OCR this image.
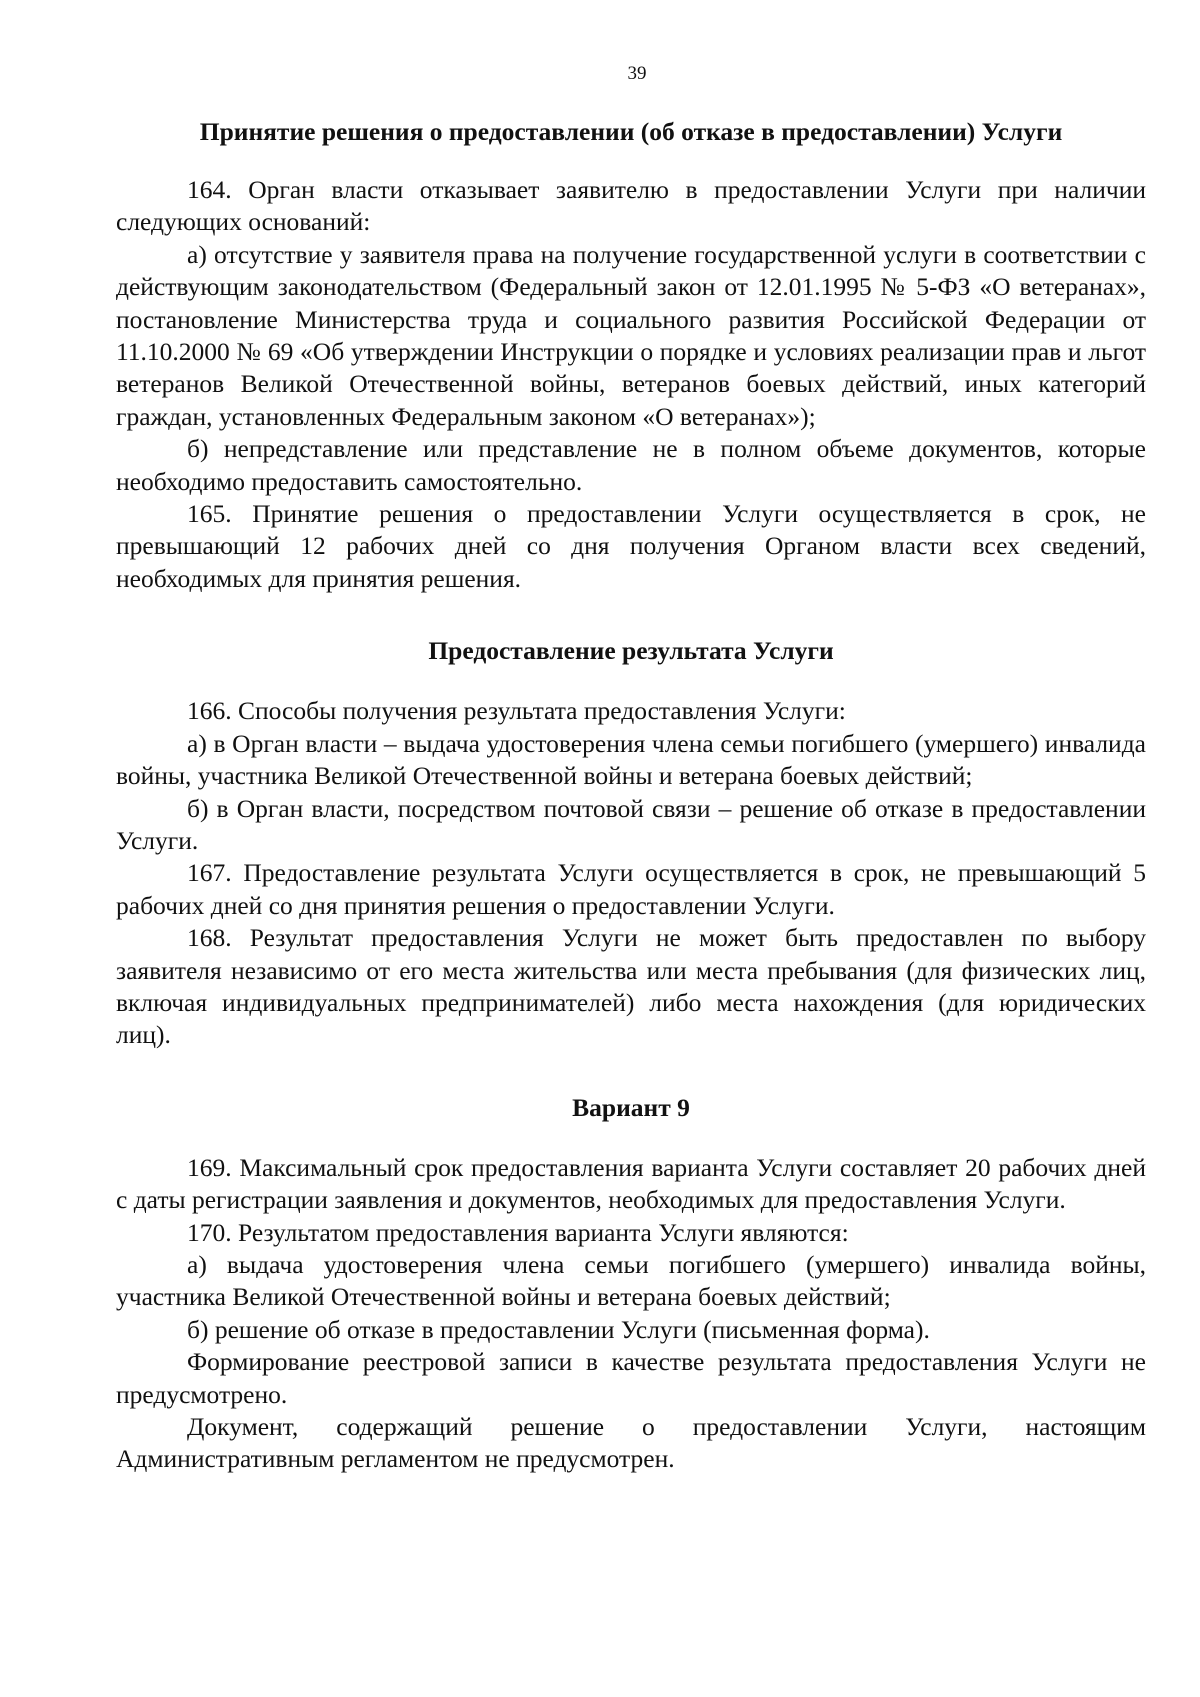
39
Принятие решения о предоставлении (об отказе в предоставлении) Услуги

164. Орган власти отказывает заявителю в предоставлении Услуги при наличии следующих оснований:

а) отсутствие у заявителя права на получение государственной услуги в соответствии с действующим законодательством (Федеральный закон от 12.01.1995 № 5-ФЗ «О ветеранах», постановление Министерства труда и социального развития Российской Федерации от 11.10.2000 № 69 «Об утверждении Инструкции о порядке и условиях реализации прав и льгот ветеранов Великой Отечественной войны, ветеранов боевых действий, иных категорий граждан, установленных Федеральным законом «О ветеранах»);

б) непредставление или представление не в полном объеме документов, которые необходимо предоставить самостоятельно.

165. Принятие решения о предоставлении Услуги осуществляется в срок, не превышающий 12 рабочих дней со дня получения Органом власти всех сведений, необходимых для принятия решения.

Предоставление результата Услуги

166. Способы получения результата предоставления Услуги:

а) в Орган власти – выдача удостоверения члена семьи погибшего (умершего) инвалида войны, участника Великой Отечественной войны и ветерана боевых действий;

б) в Орган власти, посредством почтовой связи – решение об отказе в предоставлении Услуги.

167. Предоставление результата Услуги осуществляется в срок, не превышающий 5 рабочих дней со дня принятия решения о предоставлении Услуги.

168. Результат предоставления Услуги не может быть предоставлен по выбору заявителя независимо от его места жительства или места пребывания (для физических лиц, включая индивидуальных предпринимателей) либо места нахождения (для юридических лиц).

Вариант 9

169. Максимальный срок предоставления варианта Услуги составляет 20 рабочих дней с даты регистрации заявления и документов, необходимых для предоставления Услуги.

170. Результатом предоставления варианта Услуги являются:

а) выдача удостоверения члена семьи погибшего (умершего) инвалида войны, участника Великой Отечественной войны и ветерана боевых действий;

б) решение об отказе в предоставлении Услуги (письменная форма).

Формирование реестровой записи в качестве результата предоставления Услуги не предусмотрено.

Документ, содержащий решение о предоставлении Услуги, настоящим Административным регламентом не предусмотрен.
